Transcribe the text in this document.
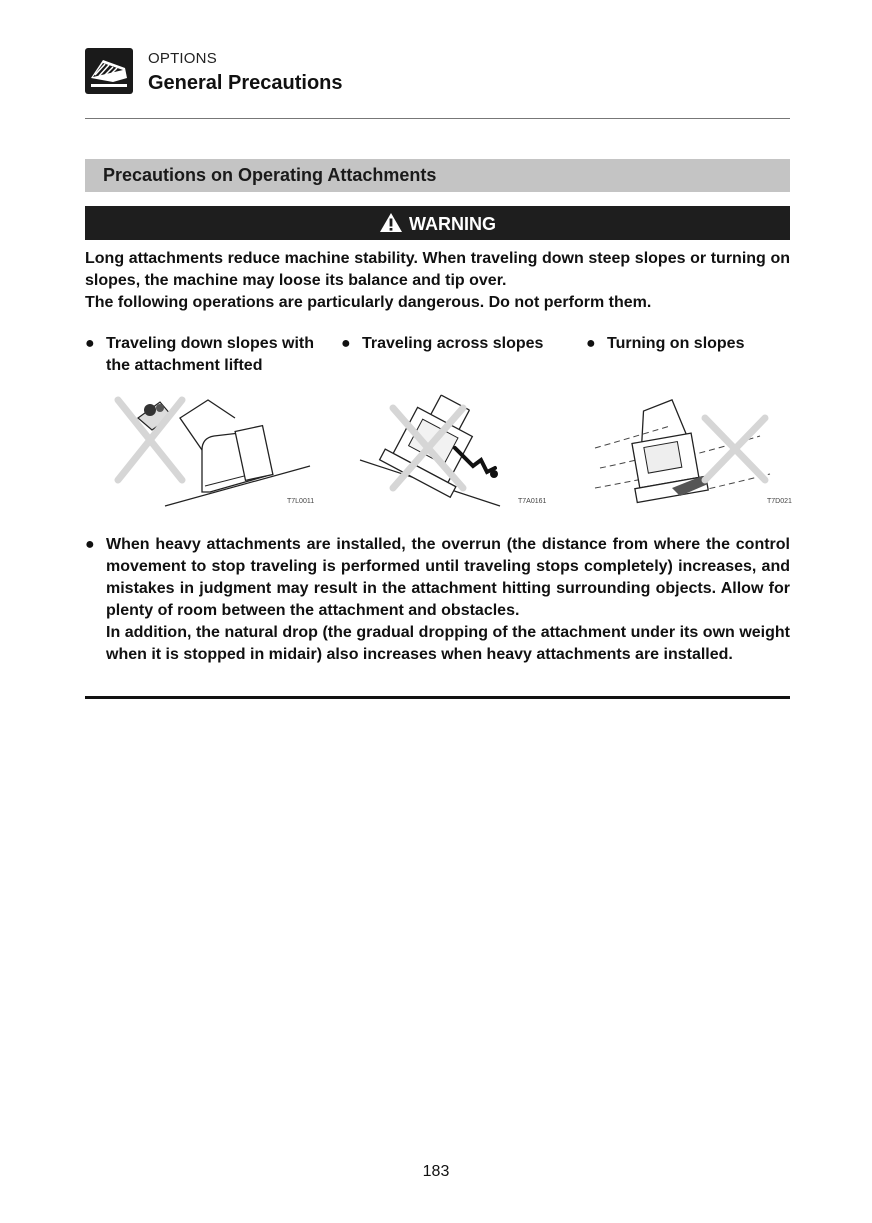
OPTIONS
General Precautions
Precautions on Operating Attachments
WARNING
Long attachments reduce machine stability. When traveling down steep slopes or turning on slopes, the machine may loose its balance and tip over.
The following operations are particularly dangerous. Do not perform them.
● Traveling down slopes with
the attachment lifted
● Traveling across slopes	● Turning on slopes
T7L0011	T7A0161	T7D021
● When heavy attachments are installed, the overrun (the distance from where the control movement to stop traveling is performed until traveling stops completely) increases, and mistakes in judgment may result in the attachment hitting surrounding objects. Allow for plenty of room between the attachment and obstacles.

In addition, the natural drop (the gradual dropping of the attachment under its own weight when it is stopped in midair) also increases when heavy attachments are installed.

183
